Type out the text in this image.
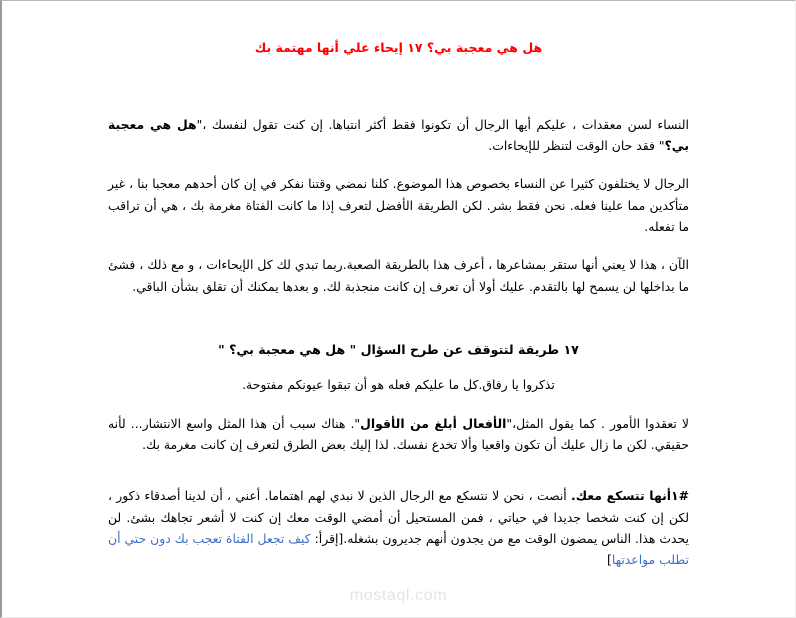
هل هي معجبة بي؟ ١٧ إيحاء علي أنها مهتمة بك

النساء لسن معقدات ، عليكم أيها الرجال أن تكونوا فقط أكثر انتباها. إن كنت تقول لنفسك ،"هل هي معجبة بي؟" فقد حان الوقت لتنظر للإيحاءات.

الرجال لا يختلفون كثيرا عن النساء بخصوص هذا الموضوع. كلنا نمضي وقتنا نفكر في إن كان أحدهم معجبا بنا ، غير متأكدين مما علينا فعله. نحن فقط بشر. لكن الطريقة الأفضل لتعرف إذا ما كانت الفتاة مغرمة بك ، هي أن تراقب ما تفعله.

الآن ، هذا لا يعني أنها ستقر بمشاعرها ، أعرف هذا بالطريقة الصعبة.ربما تبدي لك كل الإيحاءات ، و مع ذلك ، فشئ ما بداخلها لن يسمح لها بالتقدم. عليك أولا أن تعرف إن كانت منجذبة لك. و بعدها يمكنك أن تقلق بشأن الباقي.

١٧ طريقة لتتوقف عن طرح السؤال " هل هي معجبة بي؟ "

تذكروا يا رفاق.كل ما عليكم فعله هو أن تبقوا عيونكم مفتوحة.

لا تعقدوا الأمور . كما يقول المثل،"الأفعال أبلغ من الأقوال". هناك سبب أن هذا المثل واسع الانتشار... لأنه حقيقي. لكن ما زال عليك أن تكون واقعيا وألا تخدع نفسك. لذا إليك بعض الطرق لتعرف إن كانت مغرمة بك.

#١أنها تتسكع معك. أنصت ، نحن لا نتسكع مع الرجال الذين لا نبدي لهم اهتماما. أعني ، أن لدينا أصدقاء ذكور ، لكن إن كنت شخصا جديدا في حياتي ، فمن المستحيل أن أمضي الوقت معك إن كنت لا أشعر تجاهك بشئ. لن يحدث هذا. الناس يمضون الوقت مع من يجدون أنهم جديرون بشغله.[إقرأ: كيف تجعل الفتاة تعجب بك دون حتي أن تطلب مواعدتها]

mostaql.com
